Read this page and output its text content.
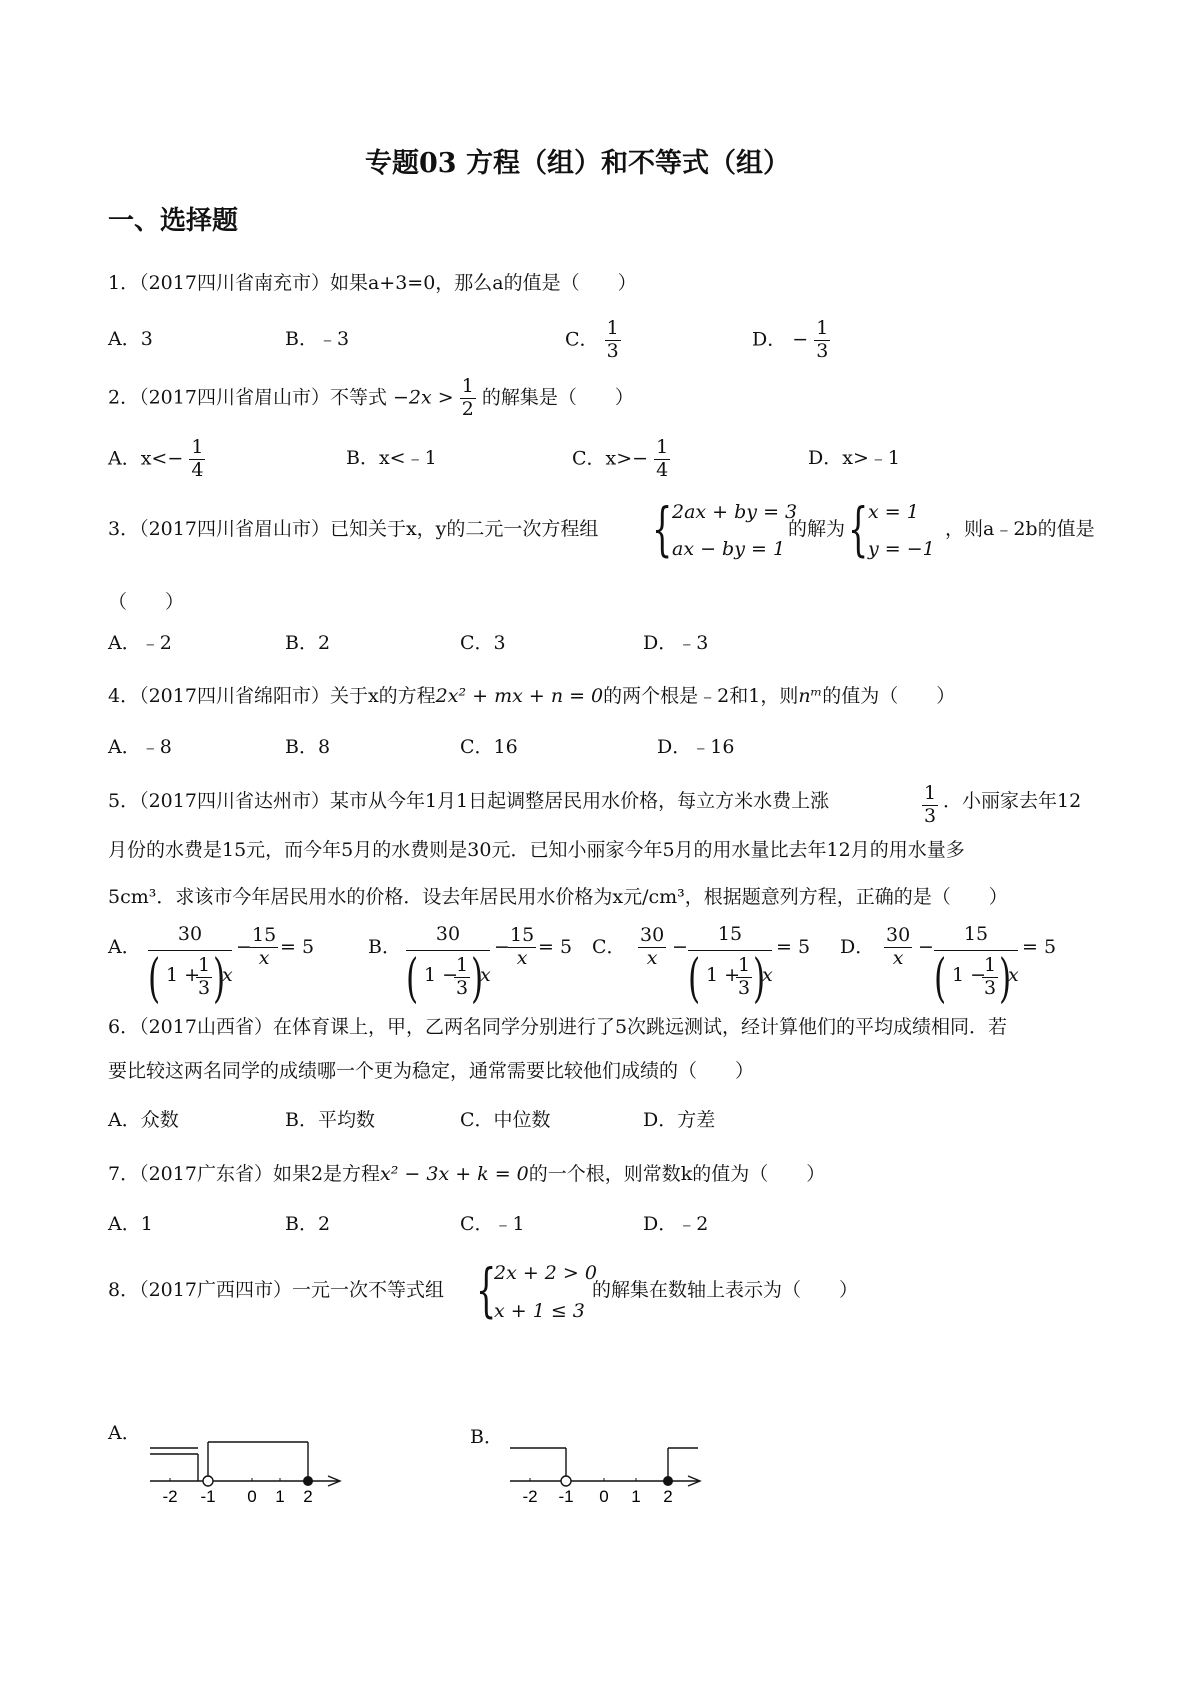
专题03 方程（组）和不等式（组）
一、选择题
1．（2017四川省南充市）如果a+3=0，那么a的值是（　　）
A．3	B．﹣3	C． $\frac{1}{3}$	D． − $\frac{1}{3}$
2．（2017四川省眉山市）不等式 $-2x > \frac{1}{2}$ 的解集是（　　）
A．$x<- \frac{1}{4}$	B．x<﹣1	C．$x>- \frac{1}{4}$	D．x>﹣1
3．（2017四川省眉山市）已知关于x，y的二元一次方程组 { 2ax + by = 3
ax − by = 1
的解为 { x = 1
y = −1
，则a﹣2b的值是
（　　）
A．﹣2	B．2	C．3	D．﹣3
4．（2017四川省绵阳市）关于x的方程2x² + mx + n = 0的两个根是﹣2和1，则nᵐ的值为（　　）
A．﹣8	B．8	C．16	D．﹣16
5．（2017四川省达州市）某市从今年1月1日起调整居民用水价格，每立方米水费上涨	$\frac{1}{3}$ ．小丽家去年12
月份的水费是15元，而今年5月的水费则是30元．已知小丽家今年5月的用水量比去年12月的用水量多
5cm³．求该市今年居民用水的价格．设去年居民用水价格为x元/cm³，根据题意列方程，正确的是（　　）
A．
30
( 1 +
$\frac{1}{3}$ )
x
−
$\frac{15}{x} = 5$	B．
30
( 1 −
$\frac{1}{3}$ )
x
−
$\frac{15}{x} = 5$ C． $\frac{30}{x}$ −
15
( 1 +
$\frac{1}{3}$ )
x
= 5 D． $\frac{30}{x}$ −
15
( 1 −
$\frac{1}{3}$ )
x
= 5
6．（2017山西省）在体育课上，甲，乙两名同学分别进行了5次跳远测试，经计算他们的平均成绩相同．若
要比较这两名同学的成绩哪一个更为稳定，通常需要比较他们成绩的（　　）
A．众数	B．平均数	C．中位数	D．方差
7．（2017广东省）如果2是方程x² − 3x + k = 0的一个根，则常数k的值为（　　）
A．1	B．2	C．﹣1	D．﹣2
8．（2017广西四市）一元一次不等式组 {
2x + 2 > 0
x + 1 ≤ 3
的解集在数轴上表示为（　　）
A．
-2 -1 0 1 2
B．
-2 -1 0 1 2
